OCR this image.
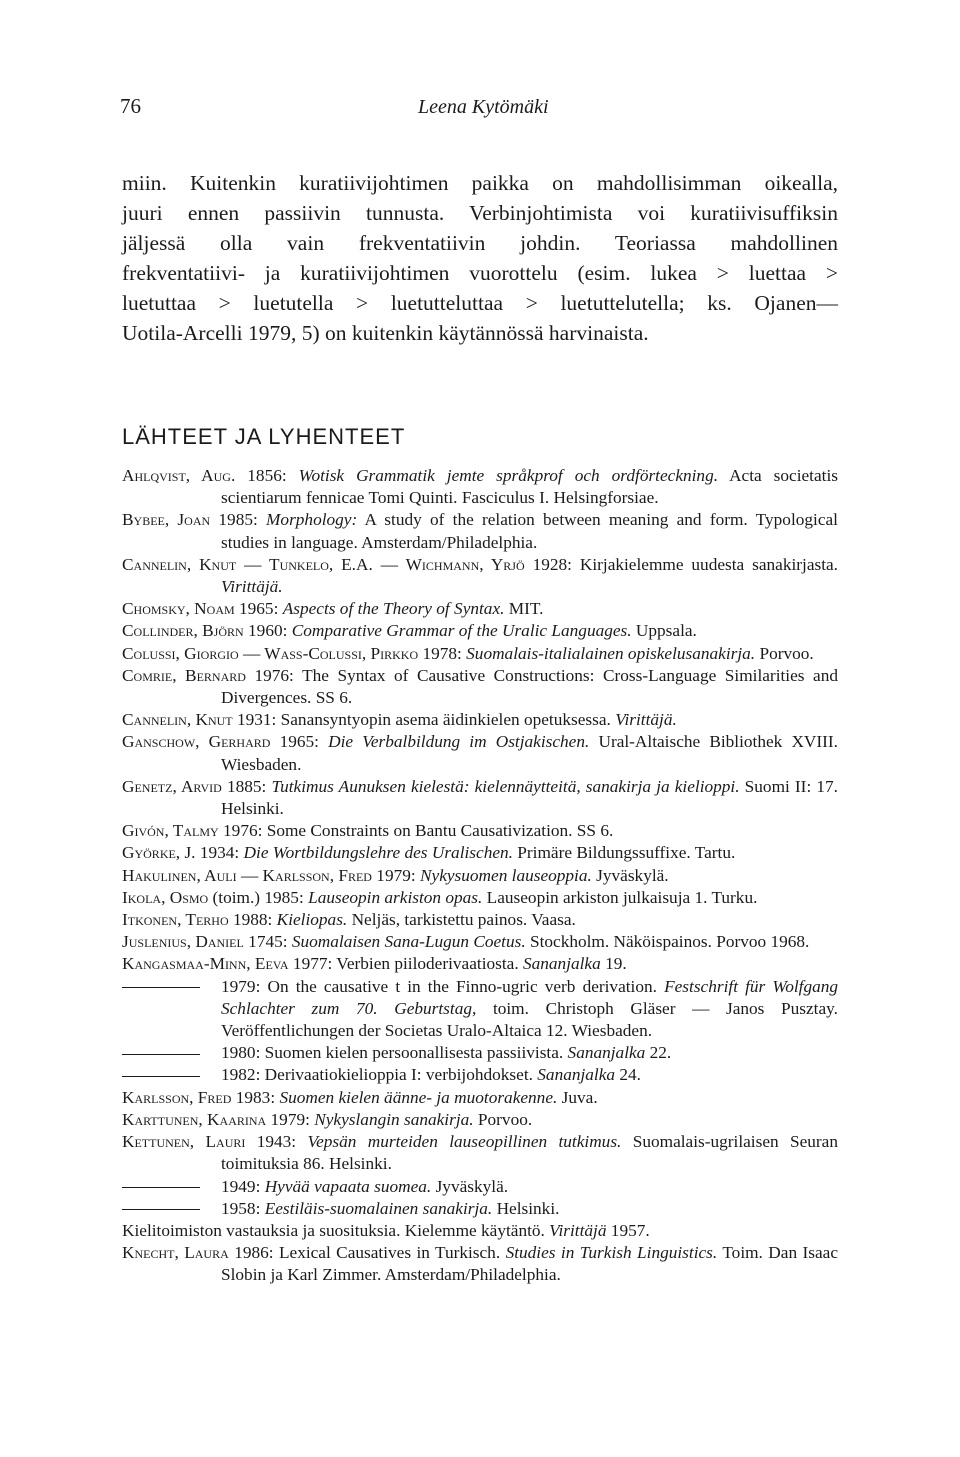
76	Leena Kytömäki
miin. Kuitenkin kuratiivijohtimen paikka on mahdollisimman oikealla,
juuri ennen passiivin tunnusta. Verbinjohtimista voi kuratiivisuffiksin
jäljessä olla vain frekventatiivin johdin. Teoriassa mahdollinen
frekventatiivi- ja kuratiivijohtimen vuorottelu (esim. lukea > luettaa >
luetuttaa > luetutella > luetutteluttaa > luetuttelutella; ks. Ojanen—
Uotila-Arcelli 1979, 5) on kuitenkin käytännössä harvinaista.
LÄHTEET JA LYHENTEET

Ahlqvist, Aug. 1856: Wotisk Grammatik jemte språkprof och ordförteckning. Acta societatis scientiarum fennicae Tomi Quinti. Fasciculus I. Helsingforsiae.

Bybee, Joan 1985: Morphology: A study of the relation between meaning and form. Typological studies in language. Amsterdam/Philadelphia.

Cannelin, Knut — Tunkelo, E.A. — Wichmann, Yrjö 1928: Kirjakielemme uudesta sanakirjasta. Virittäjä.

Chomsky, Noam 1965: Aspects of the Theory of Syntax. MIT.

Collinder, Björn 1960: Comparative Grammar of the Uralic Languages. Uppsala.

Colussi, Giorgio — Wass-Colussi, Pirkko 1978: Suomalais-italialainen opiskelusanakirja. Porvoo.

Comrie, Bernard 1976: The Syntax of Causative Constructions: Cross-Language Similarities and Divergences. SS 6.

Cannelin, Knut 1931: Sanansyntyopin asema äidinkielen opetuksessa. Virittäjä.

Ganschow, Gerhard 1965: Die Verbalbildung im Ostjakischen. Ural-Altaische Bibliothek XVIII. Wiesbaden.

Genetz, Arvid 1885: Tutkimus Aunuksen kielestä: kielennäytteitä, sanakirja ja kielioppi. Suomi II: 17. Helsinki.

Givón, Talmy 1976: Some Constraints on Bantu Causativization. SS 6.

Györke, J. 1934: Die Wortbildungslehre des Uralischen. Primäre Bildungssuffixe. Tartu.

Hakulinen, Auli — Karlsson, Fred 1979: Nykysuomen lauseoppia. Jyväskylä.

Ikola, Osmo (toim.) 1985: Lauseopin arkiston opas. Lauseopin arkiston julkaisuja 1. Turku.

Itkonen, Terho 1988: Kieliopas. Neljäs, tarkistettu painos. Vaasa.

Juslenius, Daniel 1745: Suomalaisen Sana-Lugun Coetus. Stockholm. Näköispainos. Porvoo 1968.

Kangasmaa-Minn, Eeva 1977: Verbien piiloderivaatiosta. Sananjalka 19.

1979: On the causative t in the Finno-ugric verb derivation. Festschrift für Wolfgang Schlachter zum 70. Geburtstag, toim. Christoph Gläser — Janos Pusztay. Veröffentlichungen der Societas Uralo-Altaica 12. Wiesbaden.

1980: Suomen kielen persoonallisesta passiivista. Sananjalka 22.

1982: Derivaatiokielioppia I: verbijohdokset. Sananjalka 24.

Karlsson, Fred 1983: Suomen kielen äänne- ja muotorakenne. Juva.

Karttunen, Kaarina 1979: Nykyslangin sanakirja. Porvoo.

Kettunen, Lauri 1943: Vepsän murteiden lauseopillinen tutkimus. Suomalais-ugrilaisen Seuran toimituksia 86. Helsinki.

1949: Hyvää vapaata suomea. Jyväskylä.

1958: Eestiläis-suomalainen sanakirja. Helsinki.

Kielitoimiston vastauksia ja suosituksia. Kielemme käytäntö. Virittäjä 1957.

Knecht, Laura 1986: Lexical Causatives in Turkisch. Studies in Turkish Linguistics. Toim. Dan Isaac Slobin ja Karl Zimmer. Amsterdam/Philadelphia.
